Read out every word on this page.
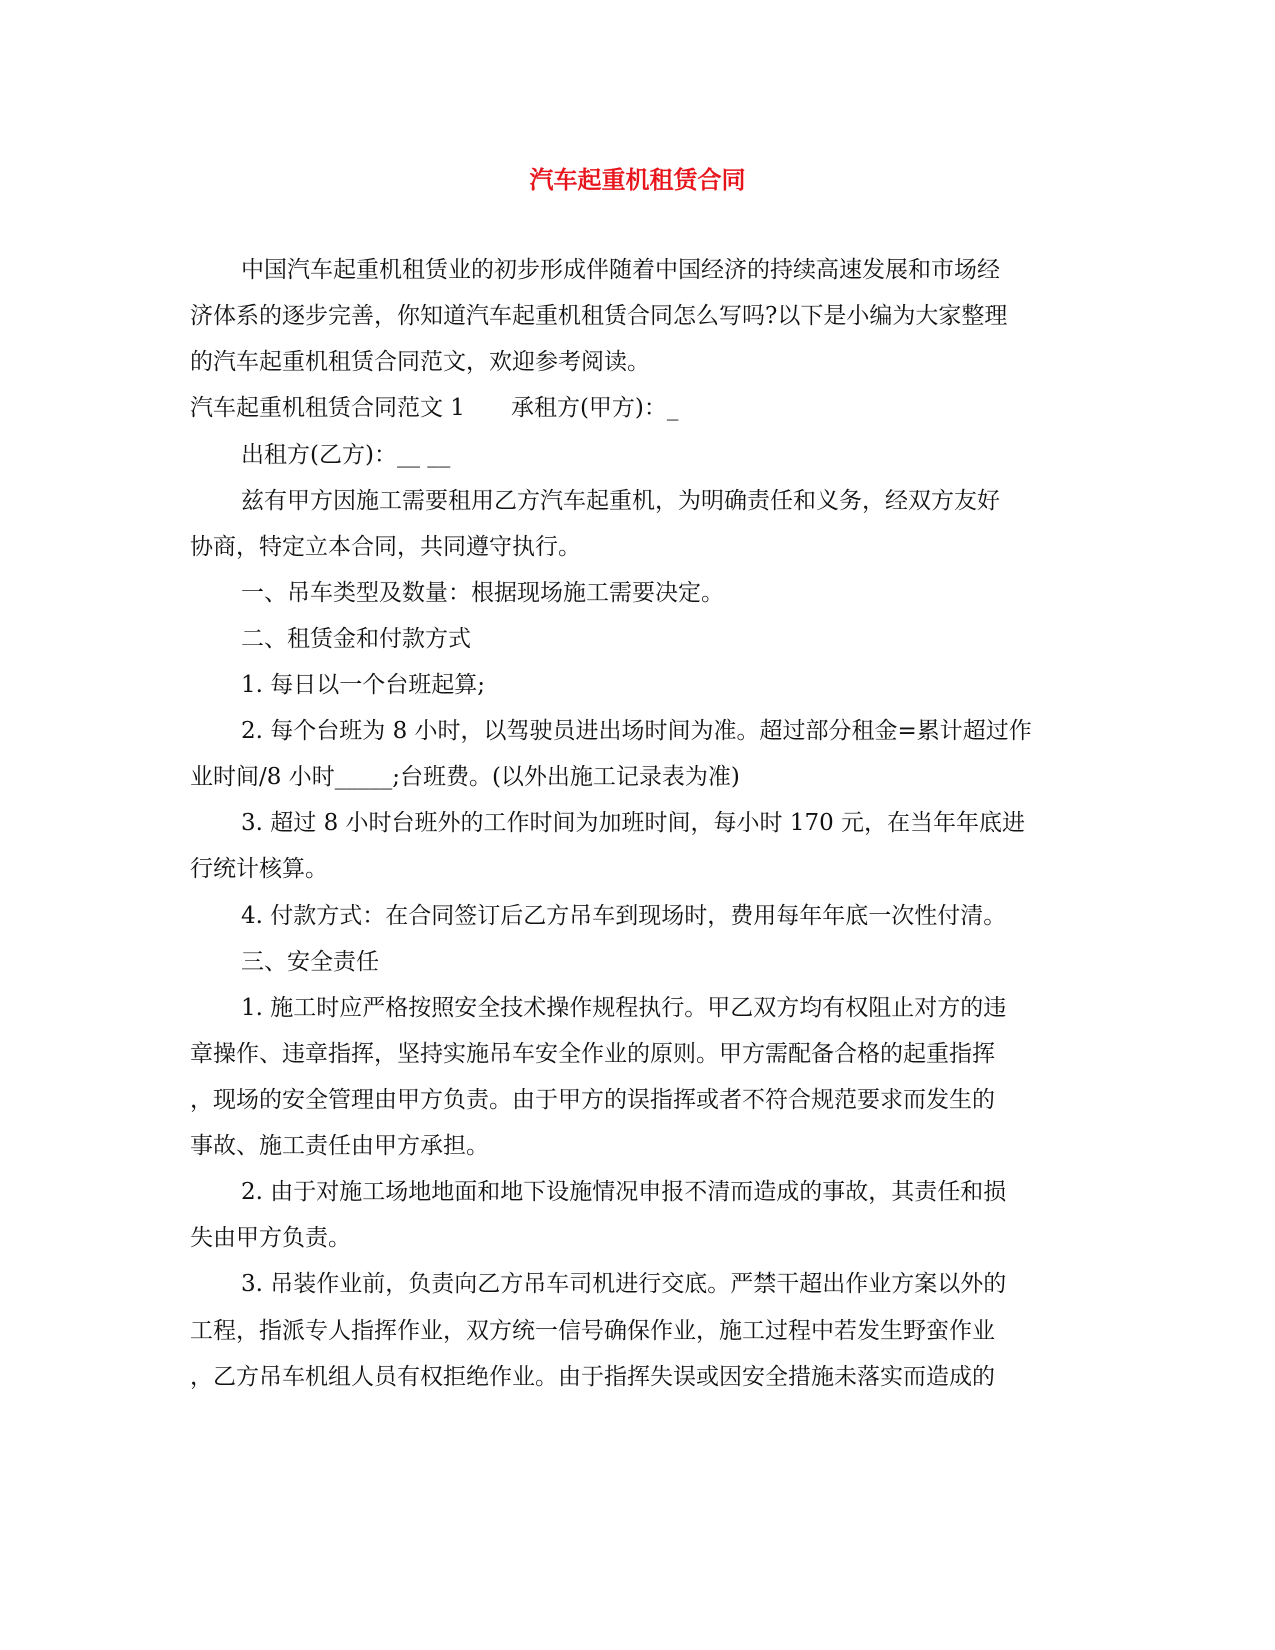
汽车起重机租赁合同

中国汽车起重机租赁业的初步形成伴随着中国经济的持续高速发展和市场经

济体系的逐步完善，你知道汽车起重机租赁合同怎么写吗?以下是小编为大家整理

的汽车起重机租赁合同范文，欢迎参考阅读。

汽车起重机租赁合同范文 1 承租方(甲方)：_

出租方(乙方)：__ __

兹有甲方因施工需要租用乙方汽车起重机，为明确责任和义务，经双方友好

协商，特定立本合同，共同遵守执行。

一、吊车类型及数量：根据现场施工需要决定。

二、租赁金和付款方式

1. 每日以一个台班起算;

2. 每个台班为 8 小时，以驾驶员进出场时间为准。超过部分租金=累计超过作

业时间/8 小时_____;台班费。(以外出施工记录表为准)

3. 超过 8 小时台班外的工作时间为加班时间，每小时 170 元，在当年年底进

行统计核算。

4. 付款方式：在合同签订后乙方吊车到现场时，费用每年年底一次性付清。

三、安全责任

1. 施工时应严格按照安全技术操作规程执行。甲乙双方均有权阻止对方的违

章操作、违章指挥，坚持实施吊车安全作业的原则。甲方需配备合格的起重指挥

，现场的安全管理由甲方负责。由于甲方的误指挥或者不符合规范要求而发生的

事故、施工责任由甲方承担。

2. 由于对施工场地地面和地下设施情况申报不清而造成的事故，其责任和损

失由甲方负责。

3. 吊装作业前，负责向乙方吊车司机进行交底。严禁干超出作业方案以外的

工程，指派专人指挥作业，双方统一信号确保作业，施工过程中若发生野蛮作业

，乙方吊车机组人员有权拒绝作业。由于指挥失误或因安全措施未落实而造成的
